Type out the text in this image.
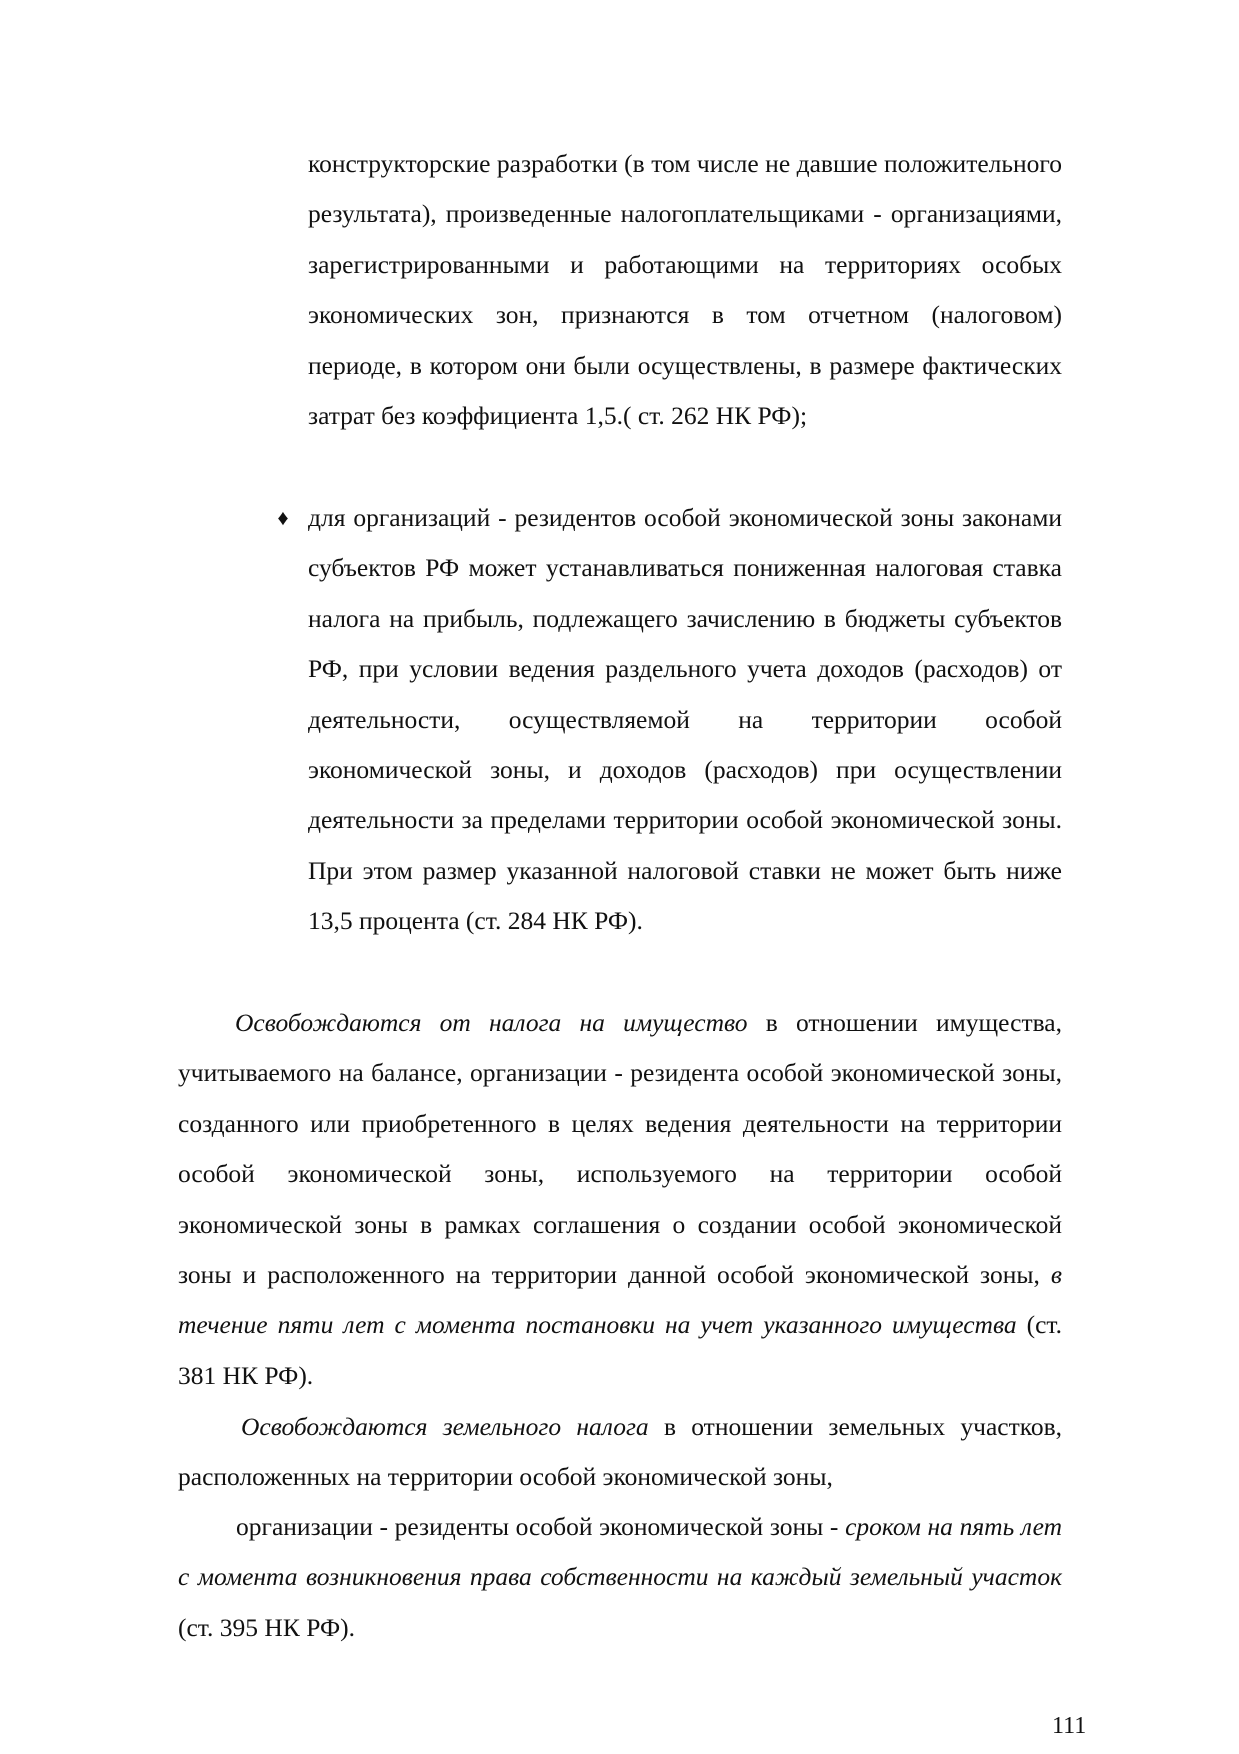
конструкторские разработки (в том числе не давшие положительного результата), произведенные налогоплательщиками - организациями, зарегистрированными и работающими на территориях особых экономических зон, признаются в том отчетном (налоговом) периоде, в котором они были осуществлены, в размере фактических затрат без коэффициента 1,5.( ст. 262 НК РФ);
♦ для организаций - резидентов особой экономической зоны законами субъектов РФ может устанавливаться пониженная налоговая ставка налога на прибыль, подлежащего зачислению в бюджеты субъектов РФ, при условии ведения раздельного учета доходов (расходов) от деятельности, осуществляемой на территории особой экономической зоны, и доходов (расходов) при осуществлении деятельности за пределами территории особой экономической зоны. При этом размер указанной налоговой ставки не может быть ниже 13,5 процента (ст. 284 НК РФ).
Освобождаются от налога на имущество в отношении имущества, учитываемого на балансе, организации - резидента особой экономической зоны, созданного или приобретенного в целях ведения деятельности на территории особой экономической зоны, используемого на территории особой экономической зоны в рамках соглашения о создании особой экономической зоны и расположенного на территории данной особой экономической зоны, в течение пяти лет с момента постановки на учет указанного имущества (ст. 381 НК РФ).
Освобождаются земельного налога в отношении земельных участков, расположенных на территории особой экономической зоны,
организации - резиденты особой экономической зоны - сроком на пять лет с момента возникновения права собственности на каждый земельный участок (ст. 395 НК РФ).
111
